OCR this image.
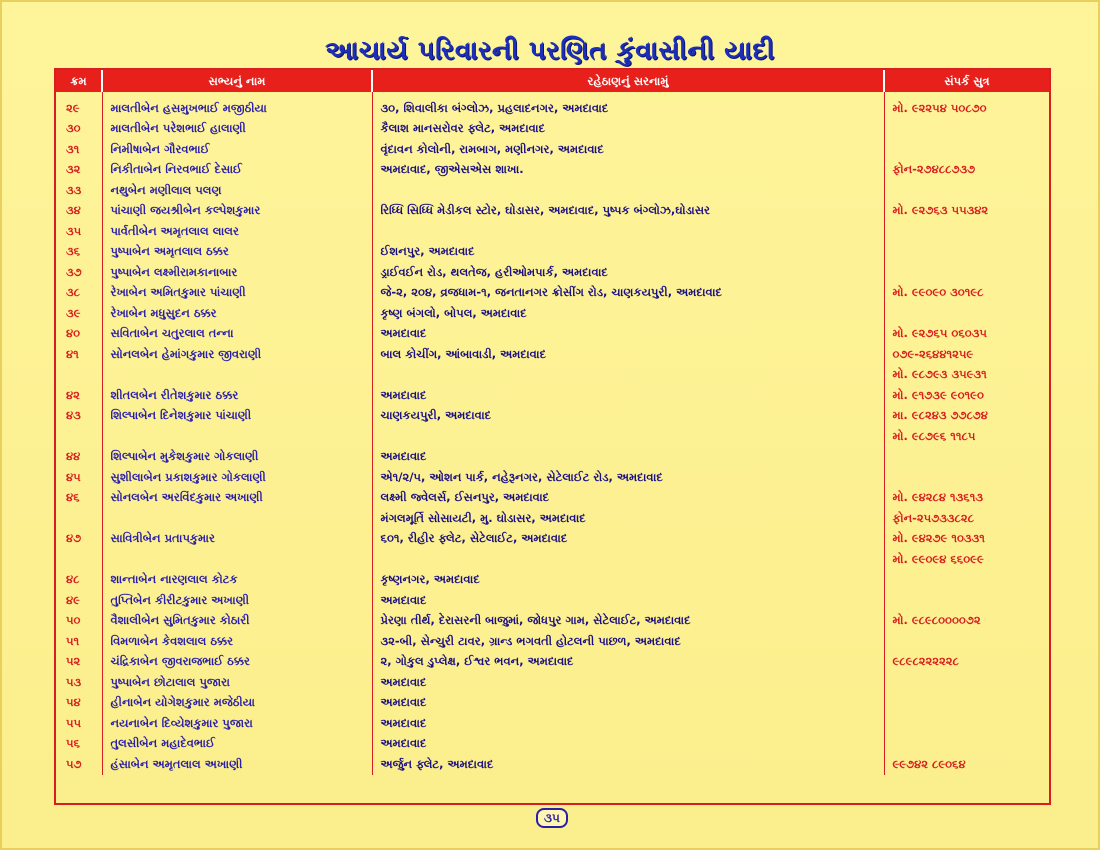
આચાર્ય પરિવારની પરણિત કુંવાસીની યાદી
ક્રમ	સભ્યનું નામ	રહેઠાણનું સરનામું	સંપર્ક સુત્ર
૨૯	માલતીબેન હસમુખભાઈ મજીઠીયા	૩૦, શિવાલીકા બંગ્લોઝ, પ્રહલાદનગર, અમદાવાદ	મો. ૯૨૨૫૪ ૫૦૮૭૦
૩૦	માલતીબેન પરેશભાઈ હાલાણી	કૈલાશ માનસરોવર ફ્લેટ, અમદાવાદ	
૩૧	નિમીષાબેન ગૌરવભાઈ	વૃંદાવન કોલોની, રામબાગ, મણીનગર, અમદાવાદ	
૩૨	નિકીતાબેન નિરવભાઈ દેસાઈ	અમદાવાદ, જીએસએસ શાખા.	ફોન-૨૭૪૮૮૭૩૭
૩૩	નથુબેન મણીલાલ પલણ		
૩૪	પાંચાણી જયશ્રીબેન કલ્પેશકુમાર	રિધ્ધિ સિધ્ધિ મેડીકલ સ્ટોર, ઘોડાસર, અમદાવાદ, પુષ્પક બંગ્લોઝ,ઘોડાસર	મો. ૯૨૭૬૩ ૫૫૩૪૨
૩૫	પાર્વતીબેન અમૃતલાલ લાલર		
૩૬	પુષ્પાબેન અમૃતલાલ ઠક્કર	ઈશનપુર, અમદાવાદ	
૩૭	પુષ્પાબેન લક્ષ્મીરામકાનાબાર	ડ્રાઈવઈન રોડ, થલતેજ, હરીઓમપાર્ક, અમદાવાદ	
૩૮	રેખાબેન અમિતકુમાર પાંચાણી	જે-૨, ૨૦૪, વ્રજધામ-૧, જનતાનગર ક્રોસીંગ રોડ, ચાણકયપુરી, અમદાવાદ	મો. ૯૯૦૯૦ ૩૦૧૯૮
૩૯	રેખાબેન મધુસુદન ઠક્કર	કૃષ્ણ બંગલો, બોપલ, અમદાવાદ	
૪૦	સવિતાબેન ચતુરલાલ તન્ના	અમદાવાદ	મો. ૯૨૭૬૫ ૦૬૦૩૫
૪૧	સોનલબેન હેમાંગકુમાર જીવરાણી	બાલ કોચીંગ, આંબાવાડી, અમદાવાદ	૦૭૯-૨૬૪૪૧૨૫૯
			મો. ૯૮૭૯૩ ૩૫૯૩૧
૪૨	શીતલબેન રીતેશકુમાર ઠક્કર	અમદાવાદ	મો. ૯૧૭૩૯ ૯૦૧૯૦
૪૩	શિલ્પાબેન દિનેશકુમાર પાંચાણી	ચાણકયપુરી, અમદાવાદ	મા. ૯૮૨૪૩ ૭૭૮૭૪
			મો. ૯૮૭૯૬ ૧૧૮૫
૪૪	શિલ્પાબેન મુકેશકુમાર ગોકલાણી	અમદાવાદ	
૪૫	સુશીલાબેન પ્રકાશકુમાર ગોકલાણી	એ૧/૨/૫, ઓશન પાર્ક, નહેરૂનગર, સેટેલાઈટ રોડ, અમદાવાદ	
૪૬	સોનલબેન અરવિંદકુમાર અખાણી	લક્ષ્મી જ્વેલર્સ, ઈસનપુર, અમદાવાદ	મો. ૯૪૨૮૪ ૧૩૬૧૩
		મંગલમૂર્તિ સોસાયટી, મુ. ઘોડાસર, અમદાવાદ	ફોન-૨૫૭૩૩૮૨૮
૪૭	સાવિત્રીબેન પ્રતાપકુમાર	૬૦૧, રીહીર ફ્લેટ, સેટેલાઈટ, અમદાવાદ	મો. ૯૪૨૭૯ ૧૦૩૩૧
			મો. ૯૯૦૯૪ ૬૬૦૯૯
૪૮	શાન્તાબેન નારણલાલ કોટક	કૃષ્ણનગર, અમદાવાદ	
૪૯	તુપ્તિબેન કીરીટકુમાર અખાણી	અમદાવાદ	
૫૦	વૈશાલીબેન સુમિતકુમાર કોઠારી	પ્રેરણા તીર્થ, દેરાસરની બાજુમાં, જોધપુર ગામ, સેટેલાઈટ, અમદાવાદ	મો. ૯૮૯૮૦૦૦૦૭૨
૫૧	વિમળાબેન કેવશલાલ ઠક્કર	૩૨-બી, સેન્ચુરી ટાવર, ગ્રાન્ડ ભગવતી હોટલની પાછળ, અમદાવાદ	
૫૨	ચંદ્રિકાબેન જીવરાજભાઈ ઠક્કર	૨, ગોકુલ ડુપ્લેક્ષ, ઈશ્વર ભવન, અમદાવાદ	૯૮૯૮૨૨૨૨૨૮
૫૩	પુષ્પાબેન છોટાલાલ પુજારા	અમદાવાદ	
૫૪	હીનાબેન યોગેશકુમાર મજેઠીયા	અમદાવાદ	
૫૫	નયનાબેન દિવ્યેશકુમાર પુજારા	અમદાવાદ	
૫૬	તુલસીબેન મહાદેવભાઈ	અમદાવાદ	
૫૭	હંસાબેન અમૃતલાલ અખાણી	અર્જુન ફ્લેટ, અમદાવાદ	૯૯૭૪૨ ૮૯૦૬૪
૩૫
